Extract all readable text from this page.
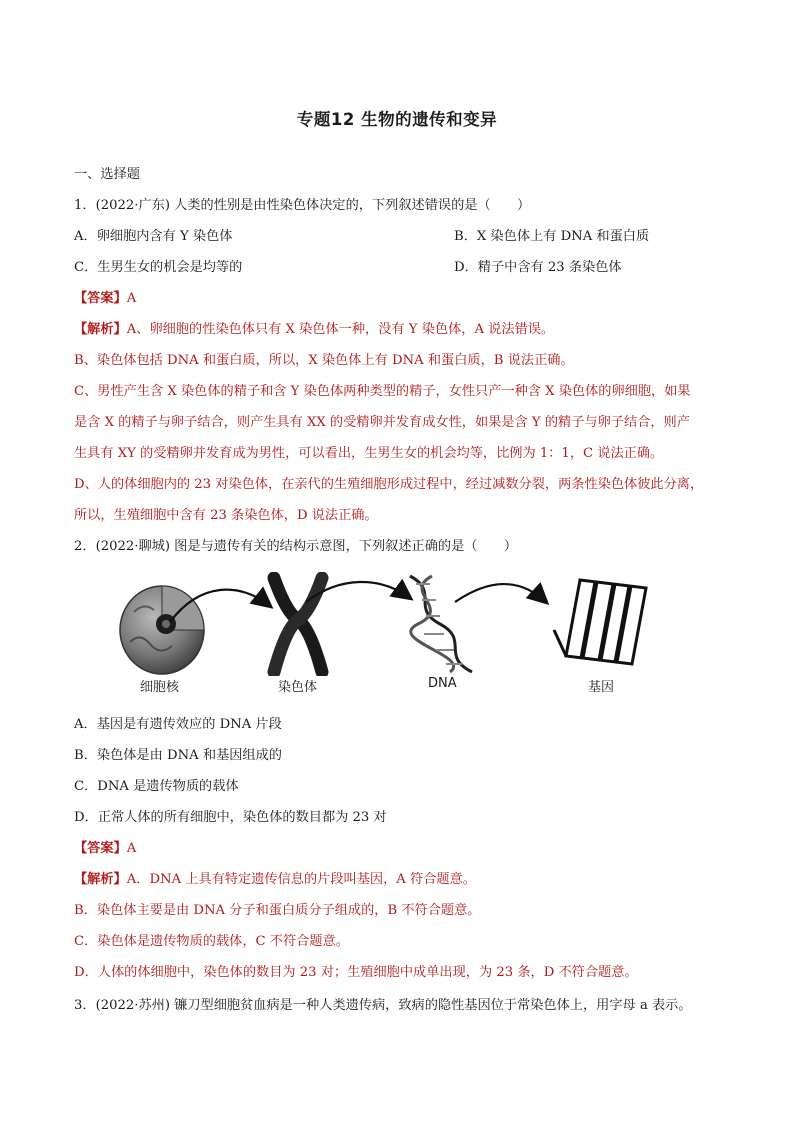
专题12 生物的遗传和变异
一、选择题
1．(2022·广东) 人类的性别是由性染色体决定的，下列叙述错误的是（　　）
A．卵细胞内含有 Y 染色体	B．X 染色体上有 DNA 和蛋白质
C．生男生女的机会是均等的	D．精子中含有 23 条染色体
【答案】A
【解析】A、卵细胞的性染色体只有 X 染色体一种，没有 Y 染色体，A 说法错误。
B、染色体包括 DNA 和蛋白质，所以，X 染色体上有 DNA 和蛋白质，B 说法正确。
C、男性产生含 X 染色体的精子和含 Y 染色体两种类型的精子，女性只产一种含 X 染色体的卵细胞，如果
是含 X 的精子与卵子结合，则产生具有 XX 的受精卵并发育成女性，如果是含 Y 的精子与卵子结合，则产
生具有 XY 的受精卵并发育成为男性，可以看出，生男生女的机会均等，比例为 1：1，C 说法正确。
D、人的体细胞内的 23 对染色体，在亲代的生殖细胞形成过程中，经过减数分裂，两条性染色体彼此分离，
所以，生殖细胞中含有 23 条染色体，D 说法正确。
2．(2022·聊城) 图是与遗传有关的结构示意图，下列叙述正确的是（　　）
细胞核	染色体	DNA	基因
A．基因是有遗传效应的 DNA 片段
B．染色体是由 DNA 和基因组成的
C．DNA 是遗传物质的载体
D．正常人体的所有细胞中，染色体的数目都为 23 对
【答案】A
【解析】A．DNA 上具有特定遗传信息的片段叫基因，A 符合题意。
B．染色体主要是由 DNA 分子和蛋白质分子组成的，B 不符合题意。
C．染色体是遗传物质的载体，C 不符合题意。
D．人体的体细胞中，染色体的数目为 23 对；生殖细胞中成单出现，为 23 条，D 不符合题意。
3．(2022·苏州) 镰刀型细胞贫血病是一种人类遗传病，致病的隐性基因位于常染色体上，用字母 a 表示。
